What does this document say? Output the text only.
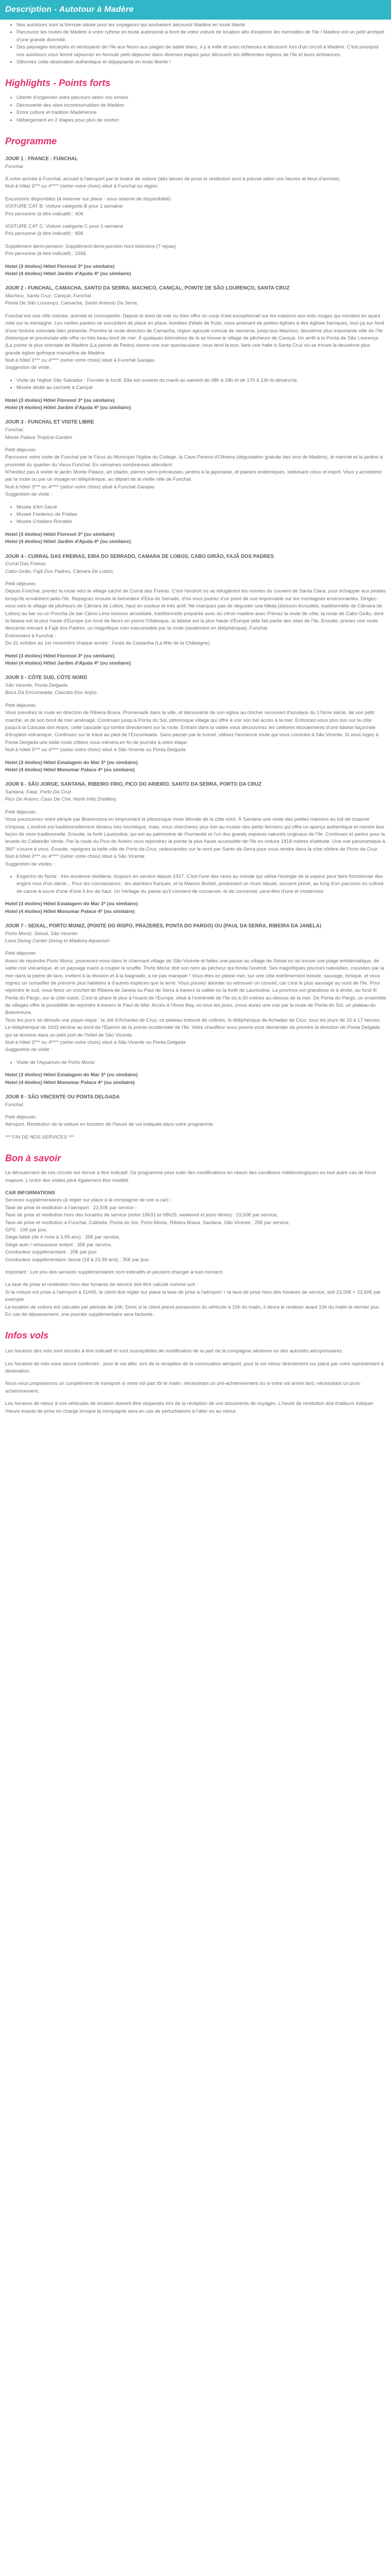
Description - Autotour à Madère
• Nos autotours sont la formule idéale pour les voyageurs qui souhaitent découvrir Madère en toute liberté
• Parcourez les routes de Madère à votre rythme en toute autonomie à bord de votre voiture de location afin d'explorer les merveilles de l'île ! Madère est un petit archipel d'une grande diversité.
• Des paysages escarpés et verdoyants de l'île aux fleurs aux plages de sable blanc, il y a mille et unes richesses à découvrir lors d'un circuit à Madère. C'est pourquoi nos autotours vous feront séjourner en formule petit-déjeuner dans diverses étapes pour découvrir les différentes régions de l'île et leurs ambiances.
• Sillonnez cette destination authentique et dépaysante en toute liberté !
Highlights - Points forts
• Liberté d'organiser votre parcours selon vos envies
• Découverte des sites incontournables de Madère
• Entre culture et tradition Madérienne
• Hébergement en 2 étapes pour plus de confort
Programme

JOUR 1 : FRANCE - FUNCHAL

Funchal.

À votre arrivée à Funchal, accueil à l'aéroport par le loueur de voiture (dès lasses de prise et restitution sont à preuve selon vos heures et lieux d'arrivée).

Nuit à hôtel 3*** ou 4**** (selon votre choix) situé à Funchal ou région.

Excursions disponibles (à réserver sur place - sous réserve de disponibilité)

VOITURE CAT B: Voiture catégorie B pour 1 semaine

Prix personne (à titre indicatif) : 40€

VOITURE CAT C: Voiture catégorie C pour 1 semaine

Prix personne (à titre indicatif) : 85€

Supplément demi-pension: Supplément demi-pension hors boissons (7 repas)

Prix personne (à titre indicatif) : 155€.

Hotel (3 étoiles) Hôtel Floresol 3* (ou similaire)

Hotel (4 étoiles) Hôtel Jardim d'Ajuda 4* (ou similaire)

JOUR 2 - FUNCHAL, CAMACHA, SANTO DA SERRA, MACHICO, CANIÇAL, POINTE DE SÃO LOURENÇO, SANTA CRUZ

Machico, Santa Cruz, Caniçal, Funchal.
Ponta De São Lourenço, Camacha, Santo Antonio Da Serra.

Funchal est une ville colorée, animée et cosmopolite. Depuis le bord de mer ou bien offre un coup d'œil exceptionnel sur les maisons aux toits rouges qui montent en ayant noté sur la montagne. Les ruelles pavées se succèdent de place en place, bordées d'étals de fruits, vous amenant de petites églises à des églises baroques, tout ça sur fond d'une histoire coloniale bien présente. Prendre la route direction de Camacha, région agricole connue de vannerie, jusqu'aux Machico, deuxième plus importante ville de l'île (historique et provinciale elle offre un très beau bord de mer. À quelques kilomètres de là se trouve le village de pêcheurs de Caniçal. Un arrêt à la Ponta de São Lourenço (La pointe la plus orientale de Madère (La pointe de Pedra) donne une vue spectaculaire; vous tend la tour, faire une halte à Santa Cruz où se trouve la deuxième plus grande église gothique manuéline de Madère.

Nuit à hôtel 3*** ou 4**** (selon votre choix) situé à Funchal Garajau

Suggestion de visite :

• Visite de l'église São Salvador : Fermée le lundi. Elle est ouverte du mardi au samedi de 08h à 18h et de 17h à 13h le dimanche.
• Musée dédié au cacheté à Caniçal

Hotel (3 étoiles) Hôtel Floresol 3* (ou similaire)

Hotel (4 étoiles) Hôtel Jardim d'Ajuda 4* (ou similaire)

JOUR 3 - FUNCHAL ET VISITE LIBRE

Funchal.
Monte Palace Tropical Garden.

Petit déjeuner.

Parcourez votre visite de Funchal par le Ficus du Municipio l'église du Collège, la Cave Pereira d'Oliveira (dégustation gratuite des vins de Madère), le marché et la jardins à proximité du quartier du Vieux Funchal. En semaines nombreuses attendent.

N'hésitez pas à visiter le jardin Monte Palace, art citadin, pierres semi précieuses, jardins à la japonaise, et plantes endémiques, séduisant cieux et esprit. Vous y accéderez par la route ou par un voyage en téléphérique, au départ de la vieille ville de Funchal.

Nuit à hôtel 3*** ou 4**** (selon votre choix) situé à Funchal Garajau

Suggestion de visite :

• Musée d'Art Sacré
• Musée Frederico de Freitas
• Musée Cristiano Ronaldo

Hotel (3 étoiles) Hôtel Floresol 3* (ou similaire)

Hotel (4 étoiles) Hôtel Jardim d'Ajuda 4* (ou similaire)

JOUR 4 - CURRAL DAS FREIRAS, EIRA DO SERRADO, CAMARA DE LOBOS, CABO GIRÃO, FAJÃ DOS PADRES

Curral Das Freiras.
Cabo Girão, Fajã Dos Padres, Câmara De Lobos.

Petit déjeuner.

Depuis Funchal, prenez la route vers le village caché de Curral das Freiras. C'est l'endroit où se réfugièrent les nonnes du couvent de Santa Clara, pour échapper aux pirates lorsqu'ils envahirent jadis l'île. Rejoignez ensuite le belvédère d'Eira do Serrado, d'où vous jouirez d'un point de vue imprenable sur les montagnes environnantes. Dirigez-vous vers le village de pêcheurs de Câmara de Lobos, haut en couleur et très actif. Ne manquez pas de déguster une Nikita (boisson écrouitée, traditionnelle de Câmara de Lobos) au bar ou un Poncha (le bar Câmo Lime boisson alcoolisée, traditionnelle préparée avec du citron madère avec Prenez la route de côte, la route de Cabo Girão, dont la falaise est la plus haute d'Europe (un fond de fleurs en pierre l'Olaboque, la falaise est la plus haute d'Europe (elle fait partie des sites de l'île. Ensuite, prenez une route descente menant à Fajã dos Padres, un magnifique coin inaccessible par la route (seulement en téléphérique). Funchal.

Événement à Funchal :

Du 31 octobre au 1er novembre chaque année : Festa da Castanha (La fête de la Châtaigne)

Hotel (3 étoiles) Hôtel Floresol 3* (ou similaire)

Hotel (4 étoiles) Hôtel Jardim d'Ajuda 4* (ou similaire)

JOUR 5 - CÔTE SUD, CÔTE NORD

São Vicente, Ponta Delgada.
Boca Da Encumeada, Cascata Dos Anjos.

Petit déjeuner.

Vous prendrez la route en direction de Ribeira Brava. Promenade dans la ville, et découverte de son église au clocher recouvert d'azulejos du 17ème siècle, de son petit marché, et de son bord de mer aménagé. Continuez jusqu'à Ponta do Sol, pittoresque village qui offre à voir son bel accès à la mer. Enfoncez-vous plus loin sur la côte jusqu'à la Cascata dos Anjos, cette cascade qui tombe directement sur la route. Entrant dans la vallée vous découvrirez les célèbres éboulements d'une falaise façonnée d'éruption volcanique. Continuez sur le tracé au pied de l'Encumeada. Sans passer par le tunnel, utilisez l'ancienne route qui vous conduira à São Vicente. Si vous logez à Ponta Delgada une belle route côtière vous mènera en fin de journée à votre étape.

Nuit à hôtel 3*** ou 4**** (selon votre choix) situé à São Vicente ou Ponta Delgada

Hotel (3 étoiles) Hôtel Estalagem do Mar 3* (ou similaire)

Hotel (4 étoiles) Hôtel Monumar Palace 4* (ou similaire)

JOUR 6 - SÃO JORGE, SANTANA, RIBEIRO FRIO, PICO DO ARIEIRO, SANTO DA SERRA, PORTO DA CRUZ

Santana, Faial, Porto Da Cruz.
Pico Do Arieiro, Caso De Ché, North Hills Distillery.

Petit déjeuner.

Vous poursuivrez votre périple par Boaventura en empruntant la pittoresque route littorale de la côte nord. À Santana une visite des petites maisons au toit de chaume s'impose. L'endroit est traditionnellement devenu très touristique, mais, vous chercherez plus loin au musée des petits fermiers qui offre un aperçu authentique et montre leur façon de vivre traditionnelle. Ensuite, la forêt Laurissilva, qui est au patrimoine de l'humanité et l'un des grands espaces naturels originaux de l'île. Continuez et partez pour la levada do Caldeirão Verde. Par la route du Pico do Arieiro vous rejoindrez la pointe la plus haute accessible de l'île en voiture 1818 mètres d'altitude. Une vue panoramique à 360° s'ouvre à vous. Ensuite, rejoignez la belle ville de Porto da Cruz, redescendez sur le nord par Santo da Serra pour vous rendre dans la côte côtière de Porto da Cruz.

Nuit à hôtel 3*** ou 4**** (selon votre choix) situé à São Vicente

Suggestion de visites :

• Engenho do Norte : très ancienne distillerie, toujours en service depuis 1927. C'est l'une des rares au monde qui utilise l'énergie de la vapeur pour faire fonctionner des engins mus d'un siècle... Pour les connaisseurs : les alambics français, et la Maison Borbel, produisant un rhum réputé, souvent primé, au long d'un parcours en culture de canne à sucre d'une d'une 5 km de haut. Un héritage du passé qu'il convient de conserver, et de concerner, peut-être d'une et modernisé.

Hotel (3 étoiles) Hôtel Estalagem do Mar 3* (ou similaire)

Hotel (4 étoiles) Hôtel Monumar Palace 4* (ou similaire)

JOUR 7 - SEIXAL, PORTO MONIZ, (PONTE DO RISPO, PRAZERES, PONTA DO PARGO) OU (PAUL DA SERRA, RIBEIRA DA JANELA)

Porto Moniz, Seixal, São Vicente.
Lava Diving Center Diving In Madeira Aquarium.

Petit déjeuner.

Avant de rejoindre Porto Moniz, promenez-vous dans le charmant village de São Vicente et faites une pause au village de Seixal où se trouve une plage emblématique, de sable noir volcanique, et un paysage marin à couper le souffle. Porto Moniz doit son nom au pêcheur qui fonda l'endroit. Ses magnifiques piscines naturelles, creusées par la mer dans la pierre de lave, invitent à la révision et à la baignade, à ne pas manquer ! Vous êtes en pleine mer, sur une côte extrêmement boisée, sauvage, lorsque, et vous rognez un conseiller de prévenir plus habitées à d'autres espèces que la terre. Vous pouvez aborder ou retrouver un conseil, car c'est le plus sauvage au nord de l'île. Pour rejoindre le sud, vous ferez un crochet de Ribeira de Janela ou Paul de Serra à travers la vallée ou la forêt de Laurissilva. La province est grandiose et à droite, au fond fil Ponta do Pargo, sur la côte ouest. C'est le phare le plus à l'ouest de l'Europe, situé à l'extrémité de l'île où à 30 mètres au-dessus de la mer. De Ponta do Pargo, un ensemble de villages offre la possibilité de rejoindre à travers le Paul do Mar. Accès à l'Anse Bay, où tous les jours, (vous aurez une vue par la route de Ponta do Sol, un plateau du Boaventura.

Tous les jours se déroule une pique-nique : la Joli d'Achadas de Cruz, ce plateau entouré de collines, le téléphérique de Achadas da Cruz, tous les jours de 10 à 17 heures. Le téléphérique de 1933 décline au bord de l'Éperon de la pointe occidentale de l'île. Votre chauffeur vous pourra vous demander de prendre la direction de Ponta Delgada qui se termine dans un petit port de l'hôtel de São Vicente.

Nuit à hôtel 3*** ou 4**** (selon votre choix) situé à São Vicente ou Ponta Delgada

Suggestion de visite :

• Visite de l'Aquarium de Porto Moniz

Hotel (3 étoiles) Hôtel Estalagem do Mar 3* (ou similaire)

Hotel (4 étoiles) Hôtel Monumar Palace 4* (ou similaire)

JOUR 8 - SÃO VINCENTE OU PONTA DELGADA

Funchal.

Petit déjeuner.

Aéroport. Restitution de la voiture en fonction de l'heure de vol indiquée dans votre programme.

*** FIN DE NOS SERVICES ***

Bon à savoir

Le déroulement de ces circuits est donné à titre indicatif. Ce programme peut subir des modifications en raison des conditions météorologiques ou tout autre cas de force majeure. L'ordre des visites peut également être modifié.

CAR INFORMATIONS

Services supplémentaires (à régler sur place à la compagnie de voir e-car) :

Taxe de prise et restitution à l'aéroport : 23,50€ par service ;

Taxe de prise et restitution hors des horaires de service (entre 18h31 et 08h29, weekend et jours fériés) : 23,50€ par service,

Taxe de prise et restitution à Funchal, Caliheta, Ponta do Sol, Porto Moniz, Ribeira Brava, Santana, São Vicente : 25€ par service,

GPS : 10€ par jour,

Siège bébé (de 4 mois à 3,99 ans) : 35€ par service,

Siège auto / rehausseur enfant : 35€ par service,

Conducteur supplémentaire : 20€ par jour,

Conducteur supplémentaire Jeune (18 à 23,99 ans) : 35€ par jour.

Important : Les prix des services supplémentaires sont indicatifs et peuvent changer à tout moment.

La taxe de prise et restitution hors des horaires de service doit être calculé comme suit :

Si la voiture est prise à l'aéroport à 21h00, le client doit régler sur place la taxe de prise à l'aéroport + la taxe de prise hors des horaires de service, soit 23,50€ + 23,50€ par exemple.

La location de voiture est calculée par période de 24h. Donc si le client prend possession du véhicule à 10h du matin, il devra le restituer avant 10h du matin le dernier jour. En cas de dépassement, une journée supplémentaire sera facturée.

Infos vols

Les horaires des vols sont donnés à titre indicatif et sont susceptibles de modification de la part de la compagnie aérienne ou des autorités aéroportuaires.

Les horaires de vols vous seront confirmés : pour le vol aller, lors de la réception de la convocation aéroport, pour le vol retour directement sur place par votre représentant à destination.

Nous vous proposerons un complément de transport si votre vol part tôt le matin, nécessitant un pré-acheminement ou si votre vol arrive tard, nécessitant un post-acheminement.

Les horaires de retour à vos véhicules de location doivent être respectés lors de la réception de vos documents de voyages. L'heure de restitution doit d'ailleurs indiquer l'heure exacte de prise en charge lorsque la compagnie sera en cas de perturbations à l'aller ou au retour.
